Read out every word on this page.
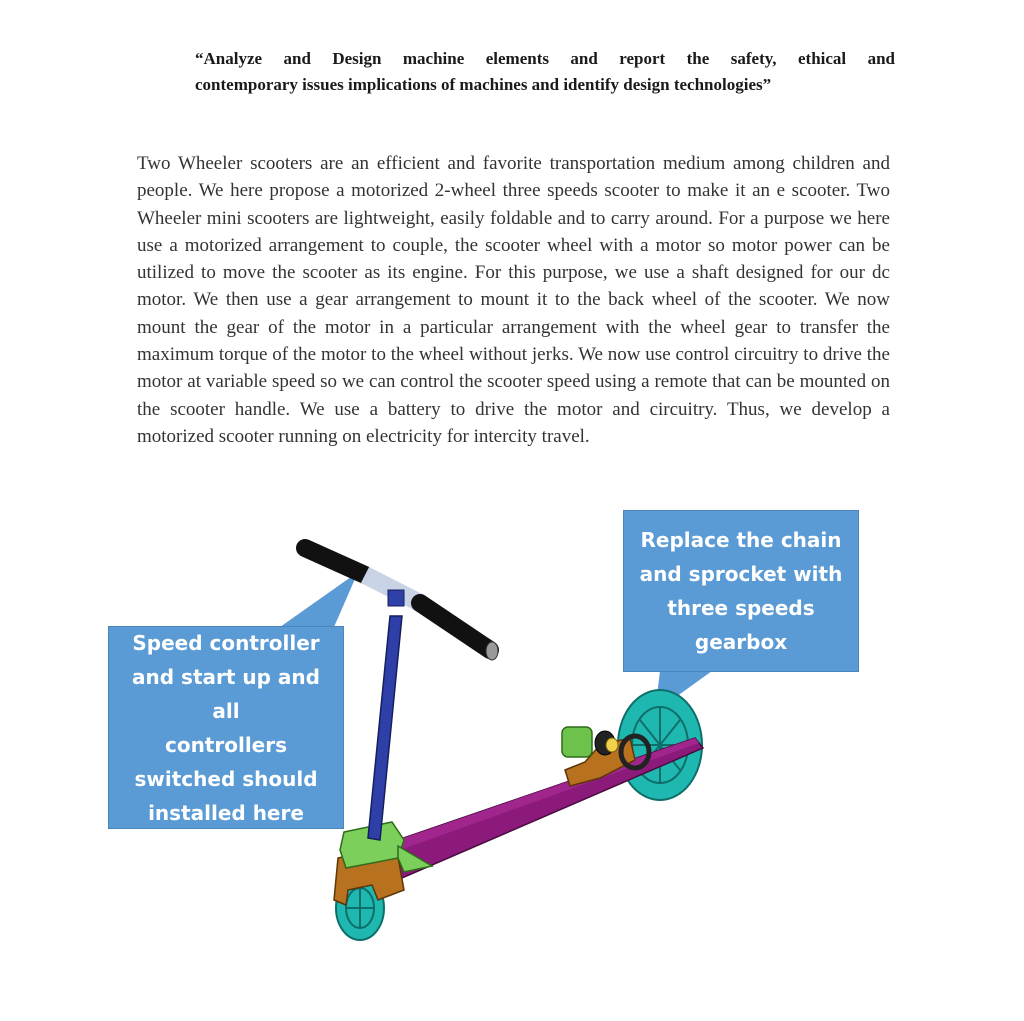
“Analyze and Design machine elements and report the safety, ethical and
contemporary issues implications of machines and identify design technologies”
Two Wheeler scooters are an efficient and favorite transportation medium among children and people. We here propose a motorized 2-wheel three speeds scooter to make it an e scooter. Two Wheeler mini scooters are lightweight, easily foldable and to carry around. For a purpose we here use a motorized arrangement to couple, the scooter wheel with a motor so motor power can be utilized to move the scooter as its engine. For this purpose, we use a shaft designed for our dc motor. We then use a gear arrangement to mount it to the back wheel of the scooter. We now mount the gear of the motor in a particular arrangement with the wheel gear to transfer the maximum torque of the motor to the wheel without jerks. We now use control circuitry to drive the motor at variable speed so we can control the scooter speed using a remote that can be mounted on the scooter handle. We use a battery to drive the motor and circuitry. Thus, we develop a motorized scooter running on electricity for intercity travel.
Speed controller
and start up and all
controllers
switched should
installed here
Replace the chain
and sprocket with
three speeds
gearbox
